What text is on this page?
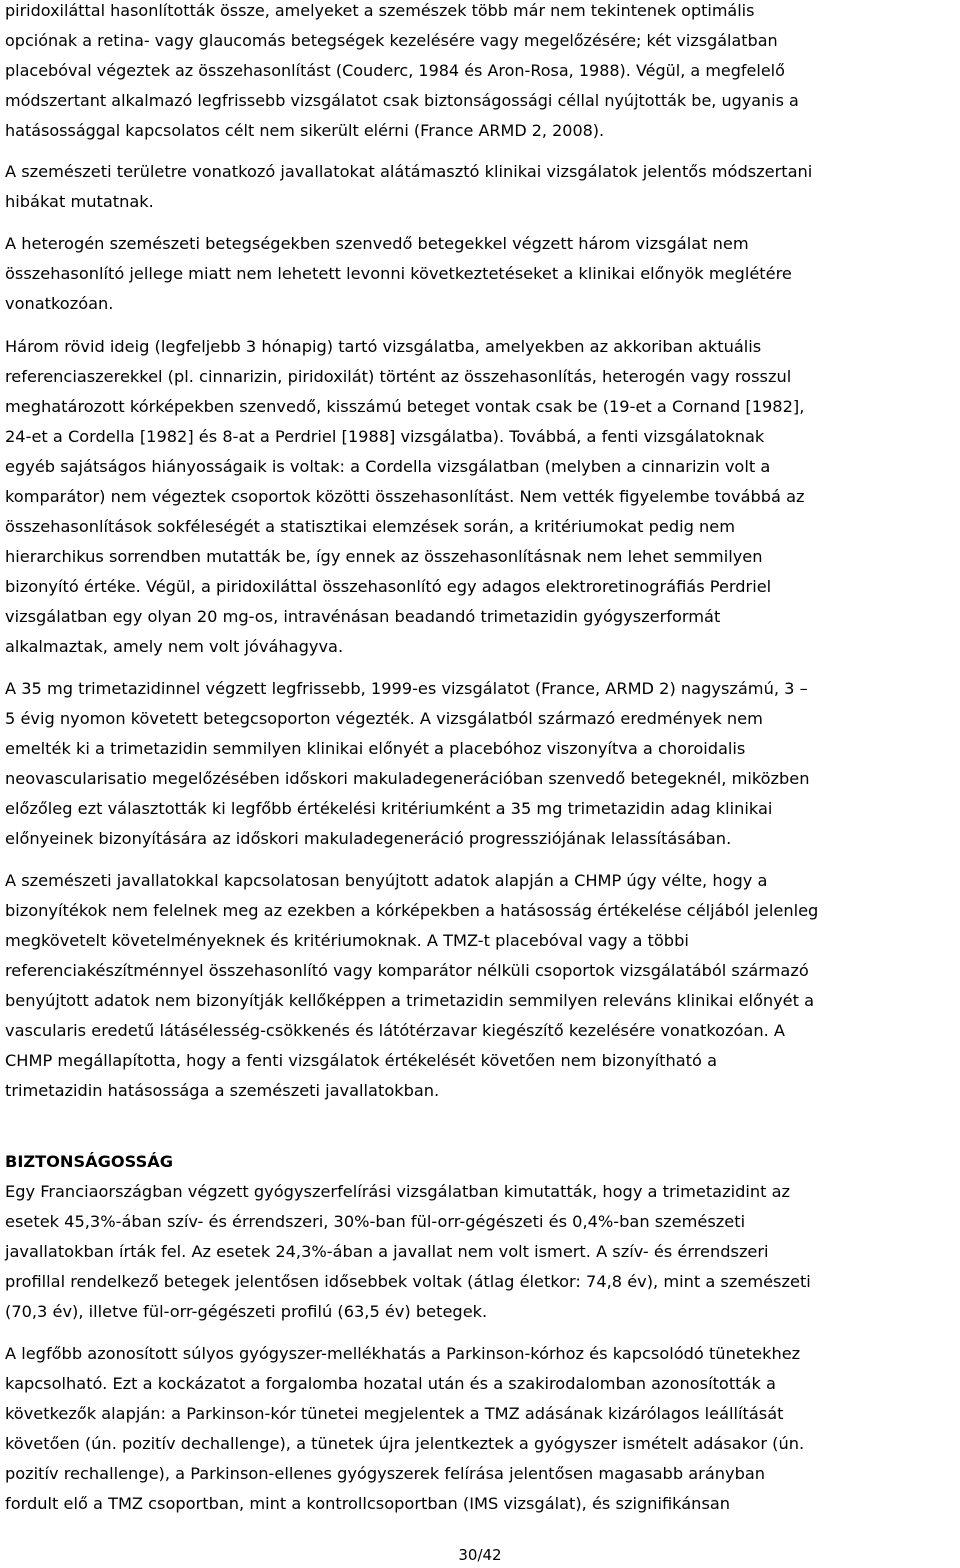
piridoxiláttal hasonlították össze, amelyeket a szemészek több már nem tekintenek optimális
opciónak a retina- vagy glaucomás betegségek kezelésére vagy megelőzésére; két vizsgálatban
placebóval végeztek az összehasonlítást (Couderc, 1984 és Aron-Rosa, 1988). Végül, a megfelelő
módszertant alkalmazó legfrissebb vizsgálatot csak biztonságossági céllal nyújtották be, ugyanis a
hatásossággal kapcsolatos célt nem sikerült elérni (France ARMD 2, 2008).
A szemészeti területre vonatkozó javallatokat alátámasztó klinikai vizsgálatok jelentős módszertani
hibákat mutatnak.
A heterogén szemészeti betegségekben szenvedő betegekkel végzett három vizsgálat nem
összehasonlító jellege miatt nem lehetett levonni következtetéseket a klinikai előnyök meglétére
vonatkozóan.
Három rövid ideig (legfeljebb 3 hónapig) tartó vizsgálatba, amelyekben az akkoriban aktuális
referenciaszerekkel (pl. cinnarizin, piridoxilát) történt az összehasonlítás, heterogén vagy rosszul
meghatározott kórképekben szenvedő, kisszámú beteget vontak csak be (19-et a Cornand [1982],
24-et a Cordella [1982] és 8-at a Perdriel [1988] vizsgálatba). Továbbá, a fenti vizsgálatoknak
egyéb sajátságos hiányosságaik is voltak: a Cordella vizsgálatban (melyben a cinnarizin volt a
komparátor) nem végeztek csoportok közötti összehasonlítást. Nem vették figyelembe továbbá az
összehasonlítások sokféleségét a statisztikai elemzések során, a kritériumokat pedig nem
hierarchikus sorrendben mutatták be, így ennek az összehasonlításnak nem lehet semmilyen
bizonyító értéke. Végül, a piridoxiláttal összehasonlító egy adagos elektroretinográfiás Perdriel
vizsgálatban egy olyan 20 mg-os, intravénásan beadandó trimetazidin gyógyszerformát
alkalmaztak, amely nem volt jóváhagyva.
A 35 mg trimetazidinnel végzett legfrissebb, 1999-es vizsgálatot (France, ARMD 2) nagyszámú, 3 –
5 évig nyomon követett betegcsoporton végezték. A vizsgálatból származó eredmények nem
emelték ki a trimetazidin semmilyen klinikai előnyét a placebóhoz viszonyítva a choroidalis
neovascularisatio megelőzésében időskori makuladegenerációban szenvedő betegeknél, miközben
előzőleg ezt választották ki legfőbb értékelési kritériumként a 35 mg trimetazidin adag klinikai
előnyeinek bizonyítására az időskori makuladegeneráció progressziójának lelassításában.
A szemészeti javallatokkal kapcsolatosan benyújtott adatok alapján a CHMP úgy vélte, hogy a
bizonyítékok nem felelnek meg az ezekben a kórképekben a hatásosság értékelése céljából jelenleg
megkövetelt követelményeknek és kritériumoknak. A TMZ-t placebóval vagy a többi
referenciakészítménnyel összehasonlító vagy komparátor nélküli csoportok vizsgálatából származó
benyújtott adatok nem bizonyítják kellőképpen a trimetazidin semmilyen releváns klinikai előnyét a
vascularis eredetű látásélesség-csökkenés és látótérzavar kiegészítő kezelésére vonatkozóan. A
CHMP megállapította, hogy a fenti vizsgálatok értékelését követően nem bizonyítható a
trimetazidin hatásossága a szemészeti javallatokban.
BIZTONSÁGOSSÁG
Egy Franciaországban végzett gyógyszerfelírási vizsgálatban kimutatták, hogy a trimetazidint az
esetek 45,3%-ában szív- és érrendszeri, 30%-ban fül-orr-gégészeti és 0,4%-ban szemészeti
javallatokban írták fel. Az esetek 24,3%-ában a javallat nem volt ismert. A szív- és érrendszeri
profillal rendelkező betegek jelentősen idősebbek voltak (átlag életkor: 74,8 év), mint a szemészeti
(70,3 év), illetve fül-orr-gégészeti profilú (63,5 év) betegek.
A legfőbb azonosított súlyos gyógyszer-mellékhatás a Parkinson-kórhoz és kapcsolódó tünetekhez
kapcsolható. Ezt a kockázatot a forgalomba hozatal után és a szakirodalomban azonosították a
következők alapján: a Parkinson-kór tünetei megjelentek a TMZ adásának kizárólagos leállítását
követően (ún. pozitív dechallenge), a tünetek újra jelentkeztek a gyógyszer ismételt adásakor (ún.
pozitív rechallenge), a Parkinson-ellenes gyógyszerek felírása jelentősen magasabb arányban
fordult elő a TMZ csoportban, mint a kontrollcsoportban (IMS vizsgálat), és szignifikánsan
30/42
